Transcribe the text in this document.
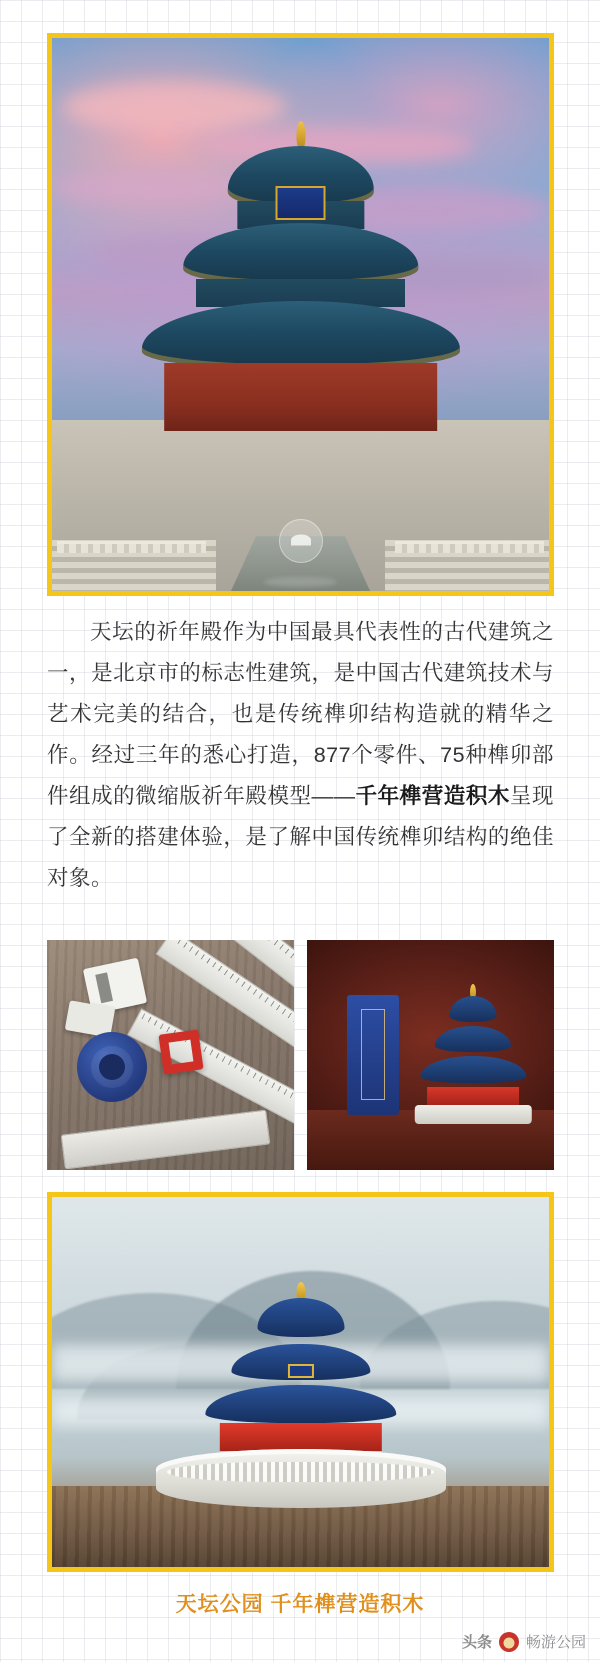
天坛的祈年殿作为中国最具代表性的古代建筑之一，是北京市的标志性建筑，是中国古代建筑技术与艺术完美的结合，也是传统榫卯结构造就的精华之作。经过三年的悉心打造，877个零件、75种榫卯部件组成的微缩版祈年殿模型——千年榫营造积木呈现了全新的搭建体验，是了解中国传统榫卯结构的绝佳对象。

天坛公园 千年榫营造积木
头条 畅游公园
